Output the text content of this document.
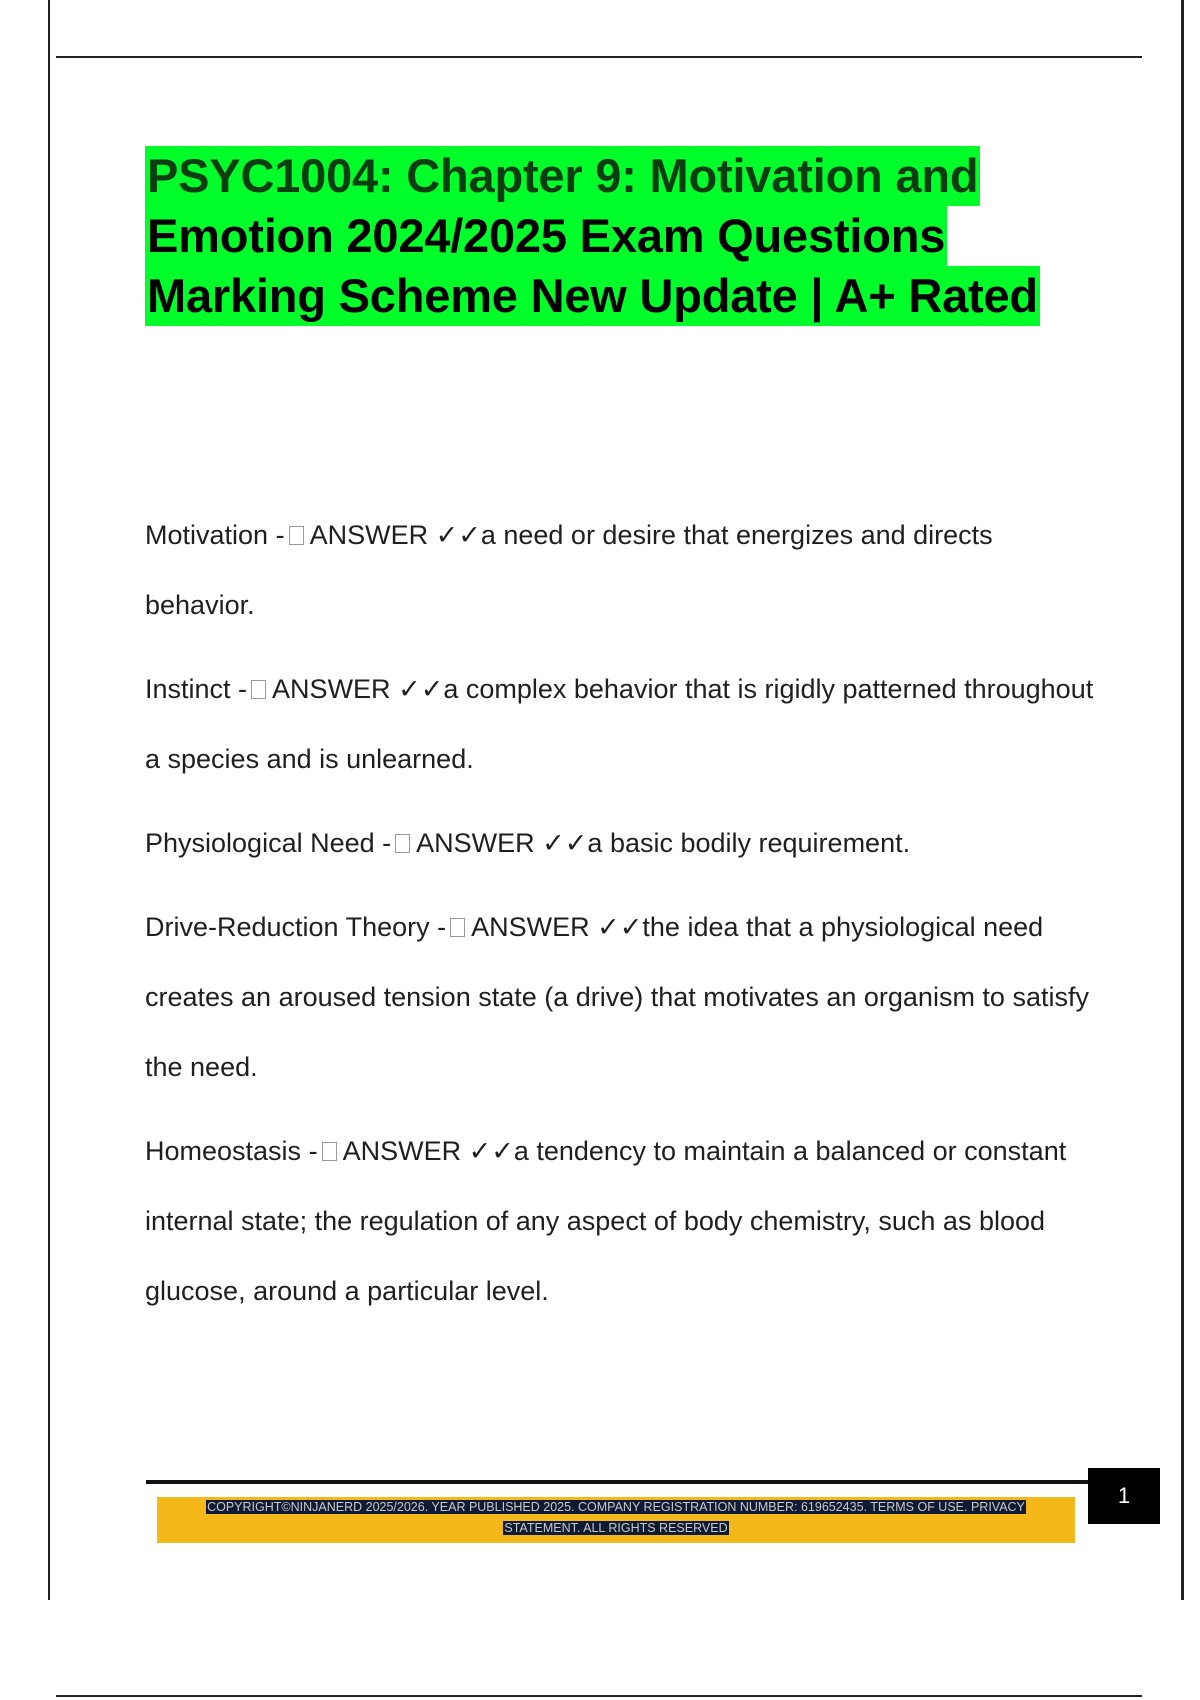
PSYC1004: Chapter 9: Motivation and
Emotion 2024/2025 Exam Questions
Marking Scheme New Update | A+ Rated

Motivation - ANSWER ✓✓a need or desire that energizes and directs behavior.

Instinct - ANSWER ✓✓a complex behavior that is rigidly patterned throughout a species and is unlearned.

Physiological Need - ANSWER ✓✓a basic bodily requirement.

Drive-Reduction Theory - ANSWER ✓✓the idea that a physiological need creates an aroused tension state (a drive) that motivates an organism to satisfy the need.

Homeostasis - ANSWER ✓✓a tendency to maintain a balanced or constant internal state; the regulation of any aspect of body chemistry, such as blood glucose, around a particular level.

1
COPYRIGHT©NINJANERD 2025/2026. YEAR PUBLISHED 2025. COMPANY REGISTRATION NUMBER: 619652435. TERMS OF USE. PRIVACY
STATEMENT. ALL RIGHTS RESERVED
